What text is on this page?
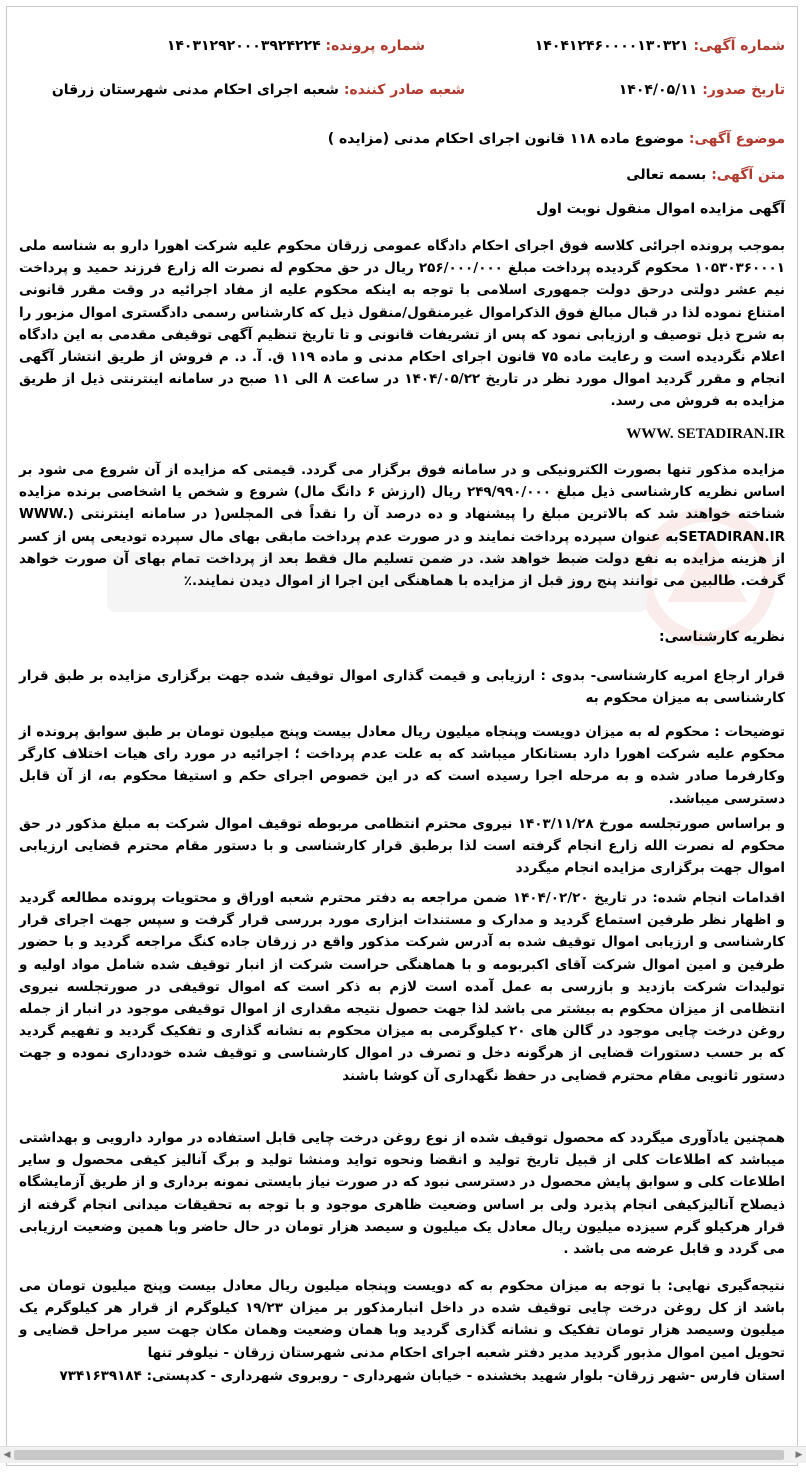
شماره آگهی: ۱۴۰۴۱۲۴۶۰۰۰۰۱۳۰۳۲۱
شماره پرونده: ۱۴۰۳۱۲۹۲۰۰۰۳۹۲۴۲۲۴
تاریخ صدور: ۱۴۰۴/۰۵/۱۱
شعبه صادر کننده: شعبه اجرای احکام مدنی شهرستان زرقان
موضوع آگهی: موضوع ماده ۱۱۸ قانون اجرای احکام مدنی (مزایده )
متن آگهی: بسمه تعالی
آگهی مزایده اموال منقول نوبت اول
بموجب پرونده اجرائی کلاسه فوق اجرای احکام دادگاه عمومی زرقان محکوم علیه شرکت اهورا دارو به شناسه ملی ۱۰۵۳۰۳۶۰۰۰۱ محکوم گردیده پرداخت مبلغ ۲۵۶/۰۰۰/۰۰۰ ریال در حق محکوم له نصرت اله زارع فرزند حمید و پرداخت نیم عشر دولتی درحق دولت جمهوری اسلامی با توجه به اینکه محکوم علیه از مفاد اجرائیه در وقت مقرر قانونی امتناع نموده لذا در قبال مبالغ فوق الذکراموال غیرمنقول/منقول ذیل که کارشناس رسمی دادگستری اموال مزبور را به شرح ذیل توصیف و ارزیابی نمود که پس از تشریفات قانونی و تا تاریخ تنظیم آگهی توقیفی مقدمی به این دادگاه اعلام نگردیده است و رعایت ماده ۷۵ قانون اجرای احکام مدنی و ماده ۱۱۹ ق. آ. د. م فروش از طریق انتشار آگهی انجام و مقرر گردید اموال مورد نظر در تاریخ ۱۴۰۴/۰۵/۲۲ در ساعت ۸ الی ۱۱ صبح در سامانه اینترنتی ذیل از طریق مزایده به فروش می رسد.
WWW. SETADIRAN.IR
مزایده مذکور تنها بصورت الکترونیکی و در سامانه فوق برگزار می گردد. قیمتی که مزایده از آن شروع می شود بر اساس نظریه کارشناسی ذیل مبلغ ۲۴۹/۹۹۰/۰۰۰ ریال (ارزش ۶ دانگ مال) شروع و شخص یا اشخاصی برنده مزایده شناخته خواهند شد که بالاترین مبلغ را پیشنهاد و ده درصد آن را نقداً فی المجلس( در سامانه اینترنتی (WWW. SETADIRAN.IRبه عنوان سپرده پرداخت نمایند و در صورت عدم پرداخت مابقی بهای مال سپرده تودیعی پس از کسر از هزینه مزایده به نفع دولت ضبط خواهد شد. در ضمن تسلیم مال فقط بعد از پرداخت تمام بهای آن صورت خواهد گرفت. طالبین می توانند پنج روز قبل از مزایده با هماهنگی این اجرا از اموال دیدن نمایند.٪
نظریه کارشناسی:
قرار ارجاع امریه کارشناسی- بدوی : ارزیابی و قیمت گذاری اموال توقیف شده جهت برگزاری مزایده بر طبق قرار کارشناسی به میزان محکوم به
توضیحات : محکوم له به میزان دویست وپنجاه میلیون ریال معادل بیست وپنج میلیون تومان بر طبق سوابق پرونده از محکوم علیه شرکت اهورا دارد بستانکار میباشد که به علت عدم پرداخت ؛ اجرائیه در مورد رای هیات اختلاف کارگر وکارفرما صادر شده و به مرحله اجرا رسیده است که در این خصوص اجرای حکم و استیفا محکوم به، از آن قابل دسترسی میباشد.
و براساس صورتجلسه مورخ ۱۴۰۳/۱۱/۲۸ نیروی محترم انتظامی مربوطه توقیف اموال شرکت به مبلغ مذکور در حق محکوم له نصرت الله زارع انجام گرفته است لذا برطبق قرار کارشناسی و با دستور مقام محترم قضایی ارزیابی اموال جهت برگزاری مزایده انجام میگردد
اقدامات انجام شده: در تاریخ ۱۴۰۴/۰۲/۲۰ ضمن مراجعه به دفتر محترم شعبه اوراق و محتویات پرونده مطالعه گردید و اظهار نظر طرفین استماع گردید و مدارک و مستندات ابزاری مورد بررسی قرار گرفت و سپس جهت اجرای قرار کارشناسی و ارزیابی اموال توقیف شده به آدرس شرکت مذکور واقع در زرقان جاده کنگ مراجعه گردید و با حضور طرفین و امین اموال شرکت آقای اکبربومه و با هماهنگی حراست شرکت از انبار توقیف شده شامل مواد اولیه و تولیدات شرکت بازدید و بازرسی به عمل آمده است لازم به ذکر است که اموال توقیفی در صورتجلسه نیروی انتظامی از میزان محکوم به بیشتر می باشد لذا جهت حصول نتیجه مقداری از اموال توقیفی موجود در انبار از جمله روغن درخت چایی موجود در گالن های ۲۰ کیلوگرمی به میزان محکوم به نشانه گذاری و تفکیک گردید و تفهیم گردید که بر حسب دستورات قضایی از هرگونه دخل و تصرف در اموال کارشناسی و توقیف شده خودداری نموده و جهت دستور ثانویی مقام محترم قضایی در حفظ نگهداری آن کوشا باشند
همچنین یادآوری میگردد که محصول توقیف شده از نوع روغن درخت چایی قابل استفاده در موارد دارویی و بهداشتی میباشد که اطلاعات کلی از قبیل تاریخ تولید و انقضا ونحوه تواید ومنشا تولید و برگ آنالیز کیفی محصول و سایر اطلاعات کلی و سوابق پایش محصول در دسترسی نبود که در صورت نیاز بایستی نمونه برداری و از طریق آزمایشگاه ذیصلاح آنالیزکیفی انجام پذیرد ولی بر اساس وضعیت ظاهری موجود و با توجه به تحقیقات میدانی انجام گرفته از قرار هرکیلو گرم سیزده میلیون ریال معادل یک میلیون و سیصد هزار تومان در حال حاضر وبا همین وضعیت ارزیابی می گردد و قابل عرضه می باشد .
نتیجه‌گیری نهایی: با توجه به میزان محکوم به که دویست وپنجاه میلیون ریال معادل بیست وپنج میلیون تومان می باشد از کل روغن درخت چایی توقیف شده در داخل انبارمذکور بر میزان ۱۹/۲۳ کیلوگرم از قرار هر کیلوگرم یک میلیون وسیصد هزار تومان تفکیک و نشانه گذاری گردید وبا همان وضعیت وهمان مکان جهت سیر مراحل قضایی و تحویل امین اموال مذبور گردید مدیر دفتر شعبه اجرای احکام مدنی شهرستان زرقان - نیلوفر تنها
استان فارس -شهر زرقان- بلوار شهید بخشنده - خیابان شهرداری - روبروی شهرداری - کدپستی: ۷۳۴۱۶۳۹۱۸۴
◀	▶
